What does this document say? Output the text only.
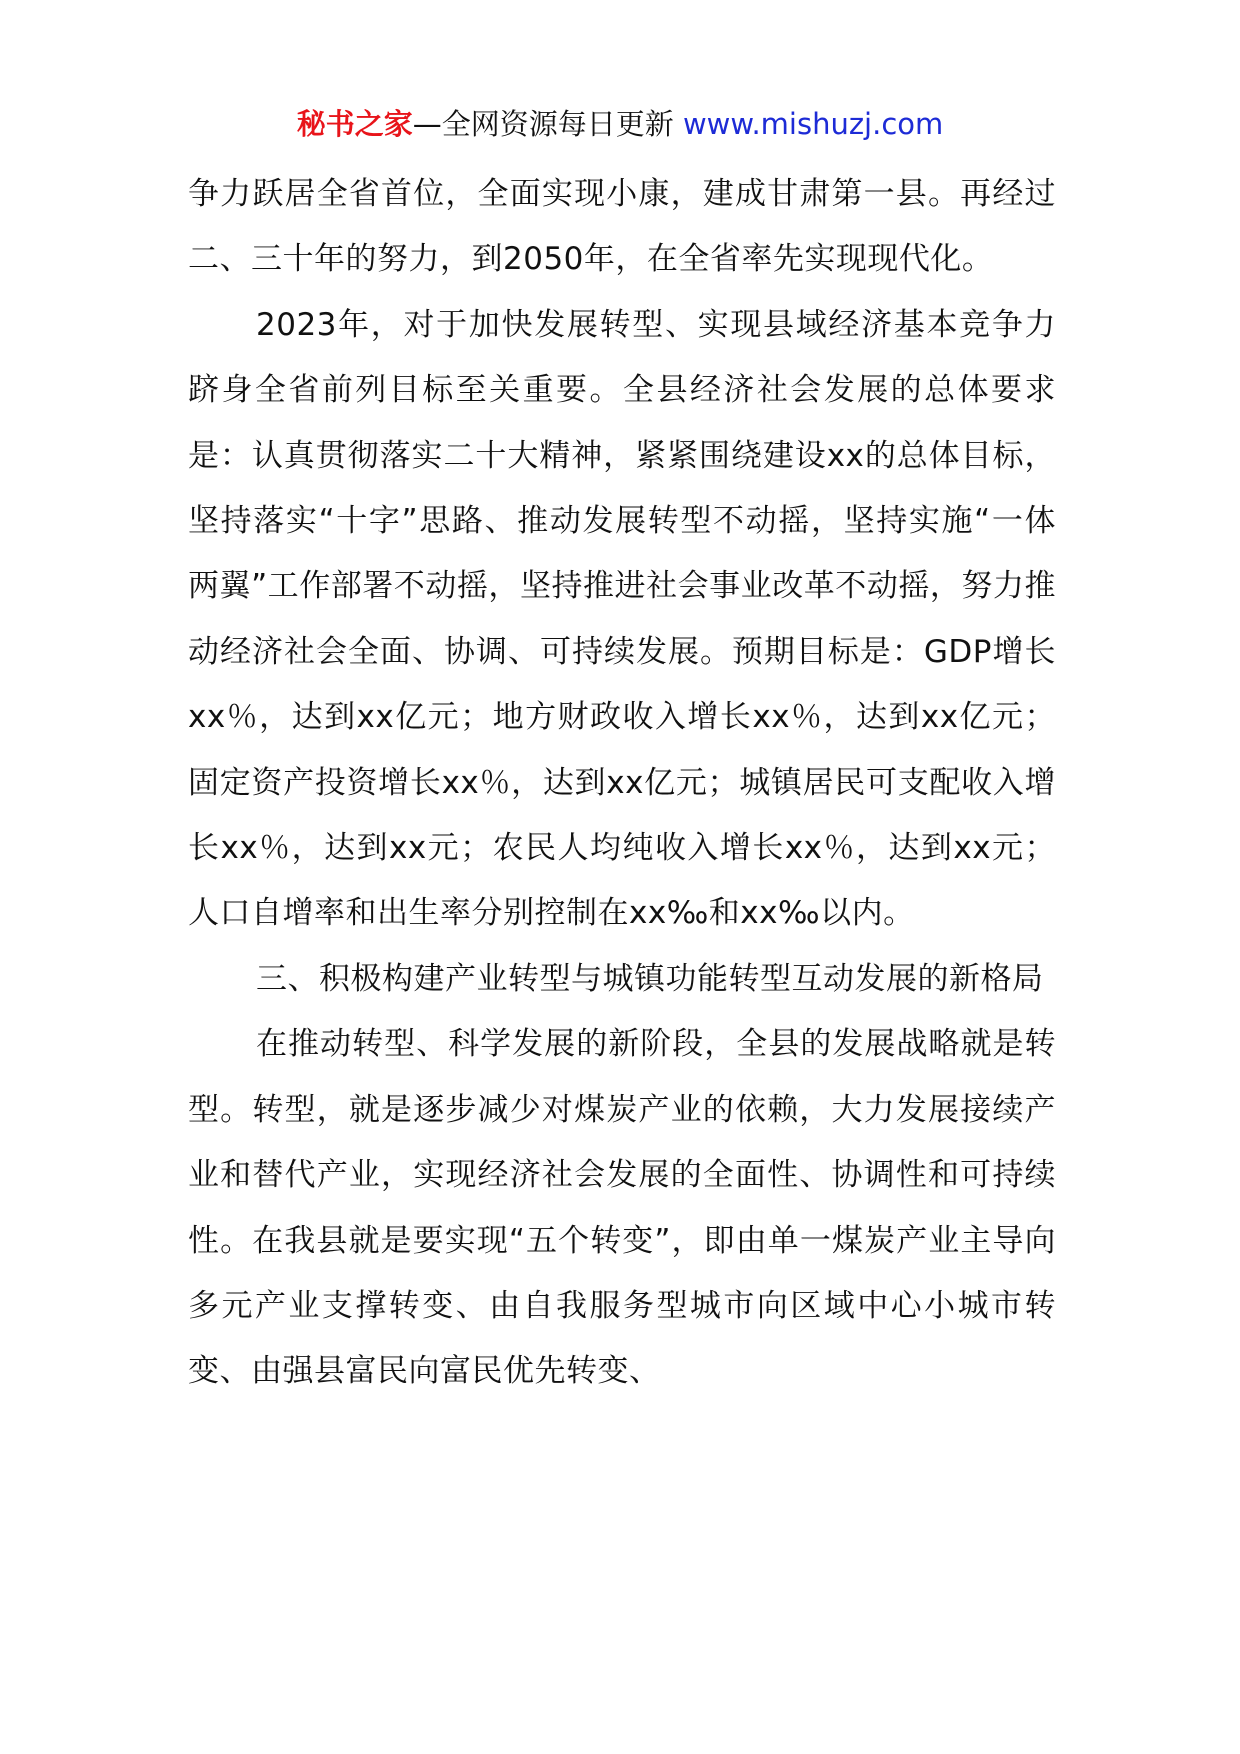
秘书之家—全网资源每日更新 www.mishuzj.com

争力跃居全省首位，全面实现小康，建成甘肃第一县。再经过二、三十年的努力，到2050年，在全省率先实现现代化。

2023年，对于加快发展转型、实现县域经济基本竞争力跻身全省前列目标至关重要。全县经济社会发展的总体要求是：认真贯彻落实二十大精神，紧紧围绕建设xx的总体目标，坚持落实“十字”思路、推动发展转型不动摇，坚持实施“一体两翼”工作部署不动摇，坚持推进社会事业改革不动摇，努力推动经济社会全面、协调、可持续发展。预期目标是：GDP增长xx％，达到xx亿元；地方财政收入增长xx％，达到xx亿元；固定资产投资增长xx％，达到xx亿元；城镇居民可支配收入增长xx％，达到xx元；农民人均纯收入增长xx％，达到xx元；人口自增率和出生率分别控制在xx‰和xx‰以内。

三、积极构建产业转型与城镇功能转型互动发展的新格局

在推动转型、科学发展的新阶段，全县的发展战略就是转型。转型，就是逐步减少对煤炭产业的依赖，大力发展接续产业和替代产业，实现经济社会发展的全面性、协调性和可持续性。在我县就是要实现“五个转变”，即由单一煤炭产业主导向多元产业支撑转变、由自我服务型城市向区域中心小城市转变、由强县富民向富民优先转变、
